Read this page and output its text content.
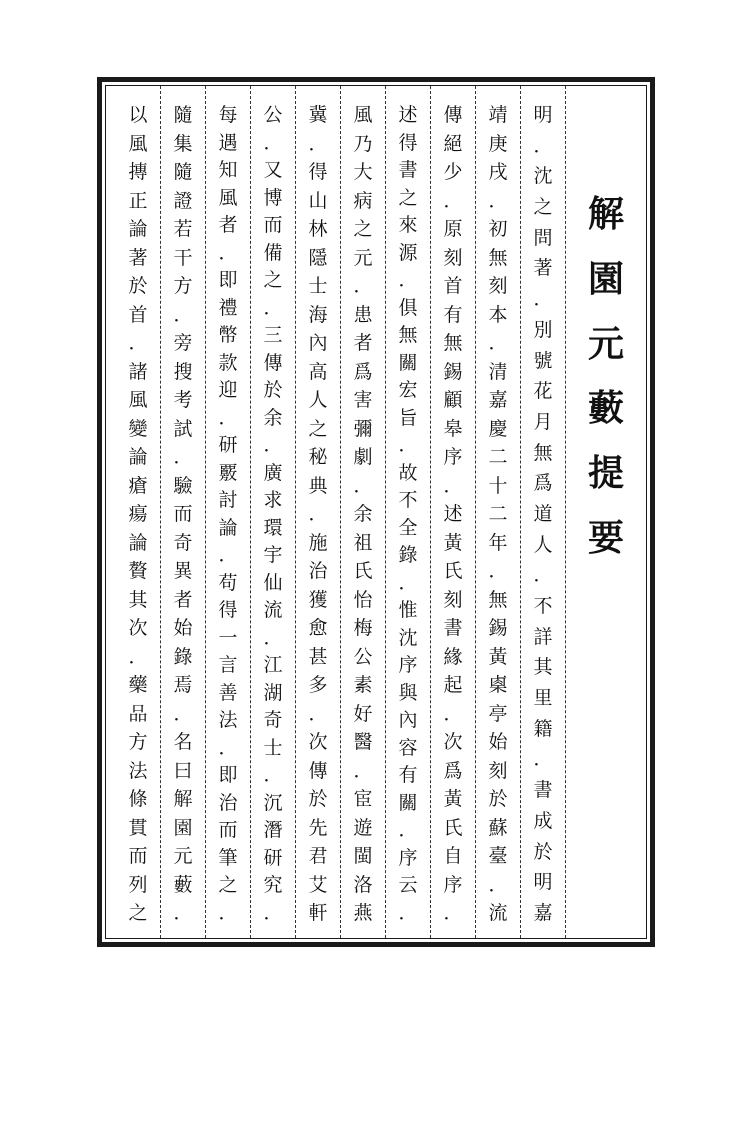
解
園
元
藪
提
要
明
．
沈
之
問
著
．
別
號
花
月
無
爲
道
人
．
不
詳
其
里
籍
．
書
成
於
明
嘉
靖
庚
戌
．
初
無
刻
本
．
清
嘉
慶
二
十
二
年
．
無
錫
黃
㮚
亭
始
刻
於
蘇
臺
．
流
傳
絕
少
．
原
刻
首
有
無
錫
顧
皋
序
．
述
黃
氏
刻
書
緣
起
．
次
爲
黃
氏
自
序
．
述
得
書
之
來
源
．
俱
無
關
宏
旨
．
故
不
全
錄
．
惟
沈
序
與
內
容
有
關
．
序
云
．
風
乃
大
病
之
元
．
患
者
爲
害
彌
劇
．
余
祖
氏
怡
梅
公
素
好
醫
．
宦
遊
閩
洛
燕
冀
．
得
山
林
隱
士
海
內
高
人
之
秘
典
．
施
治
獲
愈
甚
多
．
次
傳
於
先
君
艾
軒
公
．
又
博
而
備
之
．
三
傳
於
余
．
廣
求
環
宇
仙
流
．
江
湖
奇
士
．
沉
潛
研
究
．
每
遇
知
風
者
．
即
禮
幣
款
迎
．
研
覈
討
論
．
苟
得
一
言
善
法
．
即
治
而
筆
之
．
隨
集
隨
證
若
干
方
．
旁
搜
考
試
．
驗
而
奇
異
者
始
錄
焉
．
名
曰
解
園
元
藪
．
以
風
摶
正
論
著
於
首
．
諸
風
變
論
瘡
瘍
論
贅
其
次
．
藥
品
方
法
條
貫
而
列
之
